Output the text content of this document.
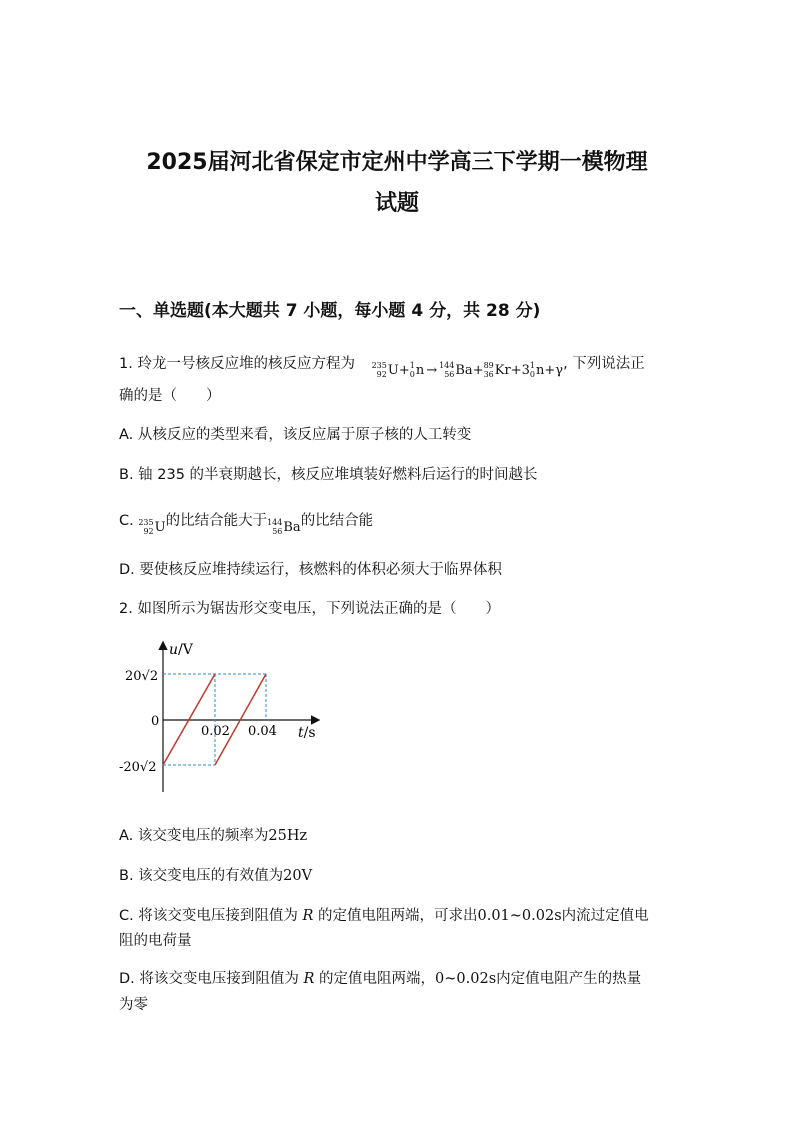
2025届河北省保定市定州中学高三下学期一模物理
试题
一、单选题(本大题共 7 小题，每小题 4 分，共 28 分)
1. 玲龙一号核反应堆的核反应方程为 235
92 U + 1
0 n → 144
56 Ba + 89
36 Kr + 3 1
0 n + γ , 下列说法正
确的是（　　）
A. 从核反应的类型来看，该反应属于原子核的人工转变
B. 铀 235 的半衰期越长，核反应堆填装好燃料后运行的时间越长
C. 235
92 U 的比结合能大于 144
56 Ba 的比结合能
D. 要使核反应堆持续运行，核燃料的体积必须大于临界体积
2. 如图所示为锯齿形交变电压，下列说法正确的是（　　）
u/V
20√2
0
-20√2
0.02 0.04 t/s
A. 该交变电压的频率为25Hz
B. 该交变电压的有效值为20V
C. 将该交变电压接到阻值为 R 的定值电阻两端，可求出0.01~0.02s内流过定值电
阻的电荷量
D. 将该交变电压接到阻值为 R 的定值电阻两端，0~0.02s内定值电阻产生的热量
为零
